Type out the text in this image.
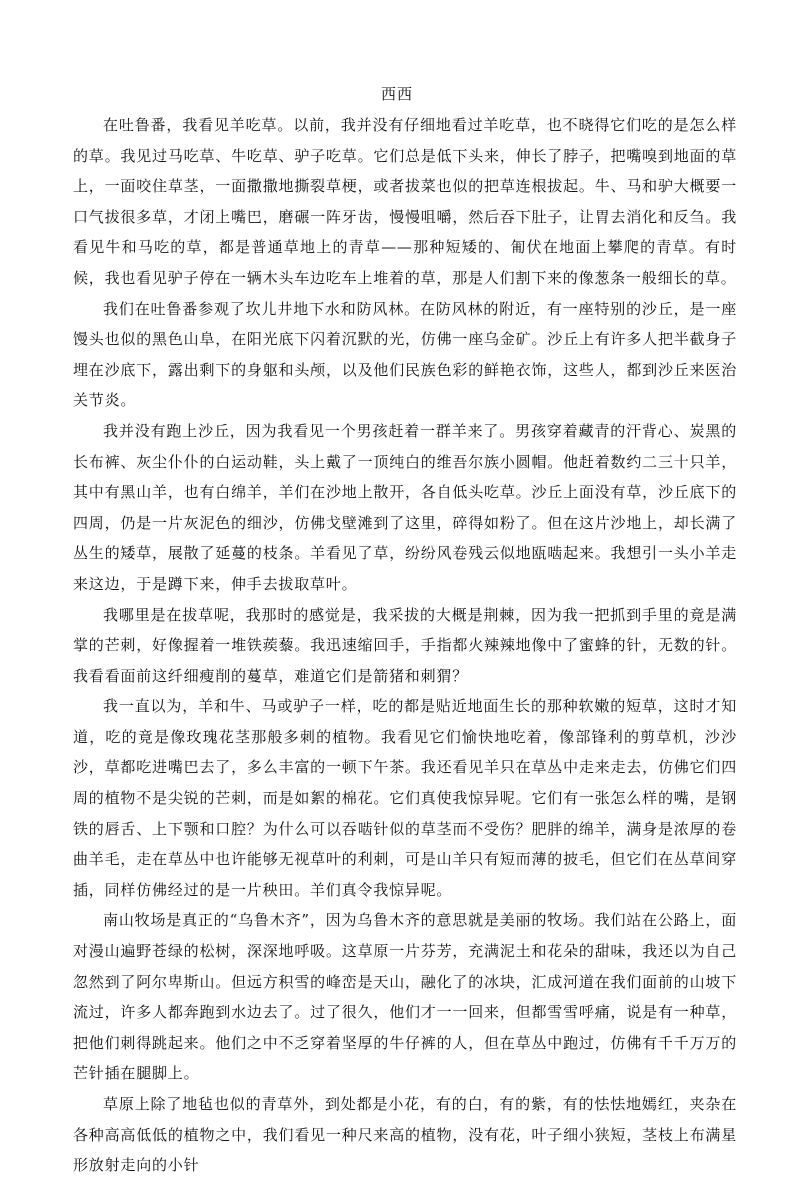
西西

在吐鲁番，我看见羊吃草。以前，我并没有仔细地看过羊吃草，也不晓得它们吃的是怎么样的草。我见过马吃草、牛吃草、驴子吃草。它们总是低下头来，伸长了脖子，把嘴嗅到地面的草上，一面咬住草茎，一面撒撒地撕裂草梗，或者拔菜也似的把草连根拔起。牛、马和驴大概要一口气拔很多草，才闭上嘴巴，磨碾一阵牙齿，慢慢咀嚼，然后吞下肚子，让胃去消化和反刍。我看见牛和马吃的草，都是普通草地上的青草——那种短矮的、匍伏在地面上攀爬的青草。有时候，我也看见驴子停在一辆木头车边吃车上堆着的草，那是人们割下来的像葱条一般细长的草。

我们在吐鲁番参观了坎儿井地下水和防风林。在防风林的附近，有一座特别的沙丘，是一座馒头也似的黑色山阜，在阳光底下闪着沉默的光，仿佛一座乌金矿。沙丘上有许多人把半截身子埋在沙底下，露出剩下的身躯和头颅，以及他们民族色彩的鲜艳衣饰，这些人，都到沙丘来医治关节炎。

我并没有跑上沙丘，因为我看见一个男孩赶着一群羊来了。男孩穿着藏青的汗背心、炭黑的长布裤、灰尘仆仆的白运动鞋，头上戴了一顶纯白的维吾尔族小圆帽。他赶着数约二三十只羊，其中有黑山羊，也有白绵羊，羊们在沙地上散开，各自低头吃草。沙丘上面没有草，沙丘底下的四周，仍是一片灰泥色的细沙，仿佛戈壁滩到了这里，碎得如粉了。但在这片沙地上，却长满了丛生的矮草，展散了延蔓的枝条。羊看见了草，纷纷风卷残云似地瓯啮起来。我想引一头小羊走来这边，于是蹲下来，伸手去拔取草叶。

我哪里是在拔草呢，我那时的感觉是，我采拔的大概是荆棘，因为我一把抓到手里的竟是满掌的芒刺，好像握着一堆铁蒺藜。我迅速缩回手，手指都火辣辣地像中了蜜蜂的针，无数的针。我看看面前这纤细瘦削的蔓草，难道它们是箭猪和刺猬？

我一直以为，羊和牛、马或驴子一样，吃的都是贴近地面生长的那种软嫩的短草，这时才知道，吃的竟是像玫瑰花茎那般多刺的植物。我看见它们愉快地吃着，像部锋利的剪草机，沙沙沙，草都吃进嘴巴去了，多么丰富的一顿下午茶。我还看见羊只在草丛中走来走去，仿佛它们四周的植物不是尖锐的芒刺，而是如絮的棉花。它们真使我惊异呢。它们有一张怎么样的嘴，是钢铁的唇舌、上下颚和口腔？为什么可以吞啮针似的草茎而不受伤？肥胖的绵羊，满身是浓厚的卷曲羊毛，走在草丛中也许能够无视草叶的利刺，可是山羊只有短而薄的披毛，但它们在丛草间穿插，同样仿佛经过的是一片秧田。羊们真令我惊异呢。

南山牧场是真正的“乌鲁木齐”，因为乌鲁木齐的意思就是美丽的牧场。我们站在公路上，面对漫山遍野苍绿的松树，深深地呼吸。这草原一片芬芳，充满泥土和花朵的甜味，我还以为自己忽然到了阿尔卑斯山。但远方积雪的峰峦是天山，融化了的冰块，汇成河道在我们面前的山坡下流过，许多人都奔跑到水边去了。过了很久，他们才一一回来，但都雪雪呼痛，说是有一种草，把他们刺得跳起来。他们之中不乏穿着坚厚的牛仔裤的人，但在草丛中跑过，仿佛有千千万万的芒针插在腿脚上。

草原上除了地毡也似的青草外，到处都是小花，有的白，有的紫，有的怯怯地嫣红，夹杂在各种高高低低的植物之中，我们看见一种尺来高的植物，没有花，叶子细小狭短，茎枝上布满星形放射走向的小针
